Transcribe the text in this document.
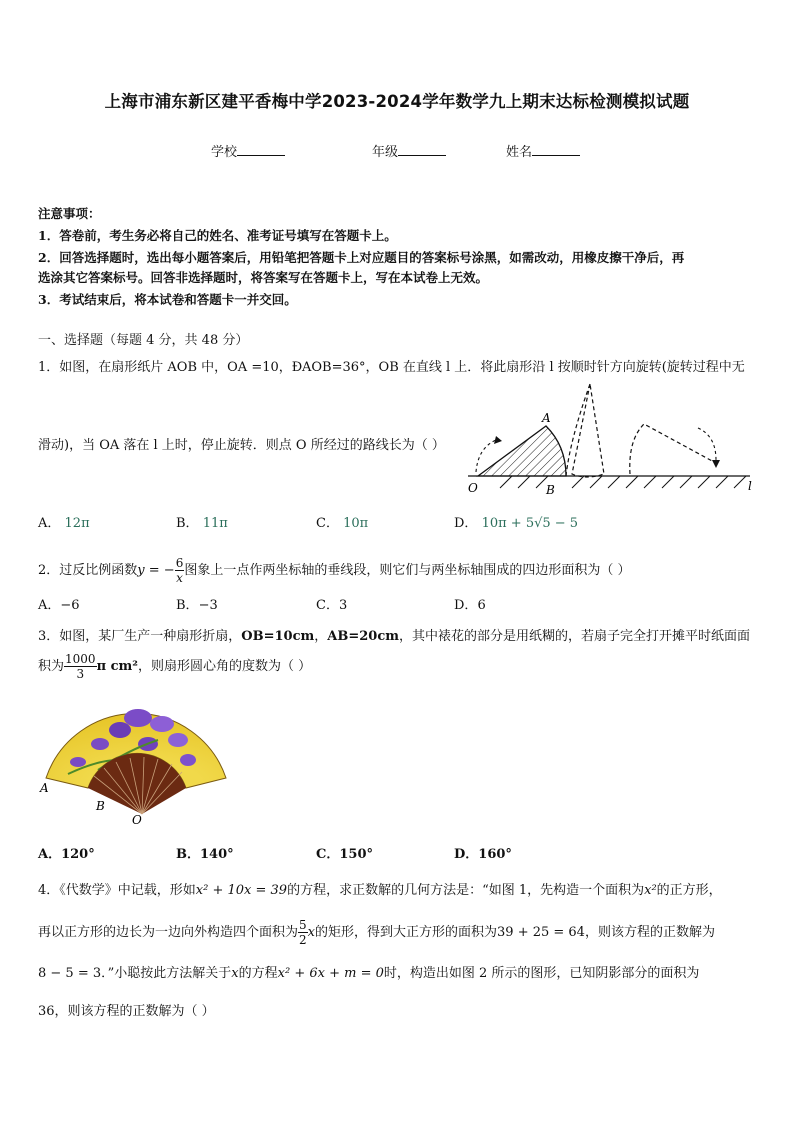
上海市浦东新区建平香梅中学2023-2024学年数学九上期末达标检测模拟试题
学校	年级	姓名
注意事项：
1．答卷前，考生务必将自己的姓名、准考证号填写在答题卡上。
2．回答选择题时，选出每小题答案后，用铅笔把答题卡上对应题目的答案标号涂黑，如需改动，用橡皮擦干净后，再
选涂其它答案标号。回答非选择题时，将答案写在答题卡上，写在本试卷上无效。
3．考试结束后，将本试卷和答题卡一并交回。
一、选择题（每题 4 分，共 48 分）
1．如图，在扇形纸片 AOB 中，OA =10，ÐAOB=36°，OB 在直线 l 上．将此扇形沿 l 按顺时针方向旋转(旋转过程中无
滑动)，当 OA 落在 l 上时，停止旋转．则点 O 所经过的路线长为（ ）
A
O	B	l
A． 12π	B． 11π	C． 10π	D． 10π + 5√5 − 5
2．过反比例函数y = − $\frac{6}{x}$ 图象上一点作两坐标轴的垂线段，则它们与两坐标轴围成的四边形面积为（ ）
A．−6	B．−3	C．3	D．6
3．如图，某厂生产一种扇形折扇，OB=10cm，AB=20cm，其中裱花的部分是用纸糊的，若扇子完全打开摊平时纸面面
积为 $\frac{1000}{3}$ π cm²，则扇形圆心角的度数为（ ）
A
B
O
A．120°	B．140°	C．150°	D．160°
4．《代数学》中记载，形如x² + 10x = 39的方程，求正数解的几何方法是：“如图 1，先构造一个面积为x²的正方形，
再以正方形的边长为一边向外构造四个面积为 $\frac{5}{2}$ x的矩形，得到大正方形的面积为39 + 25 = 64，则该方程的正数解为
8 − 5 = 3．”小聪按此方法解关于x的方程x² + 6x + m = 0时，构造出如图 2 所示的图形，已知阴影部分的面积为
36，则该方程的正数解为（ ）
